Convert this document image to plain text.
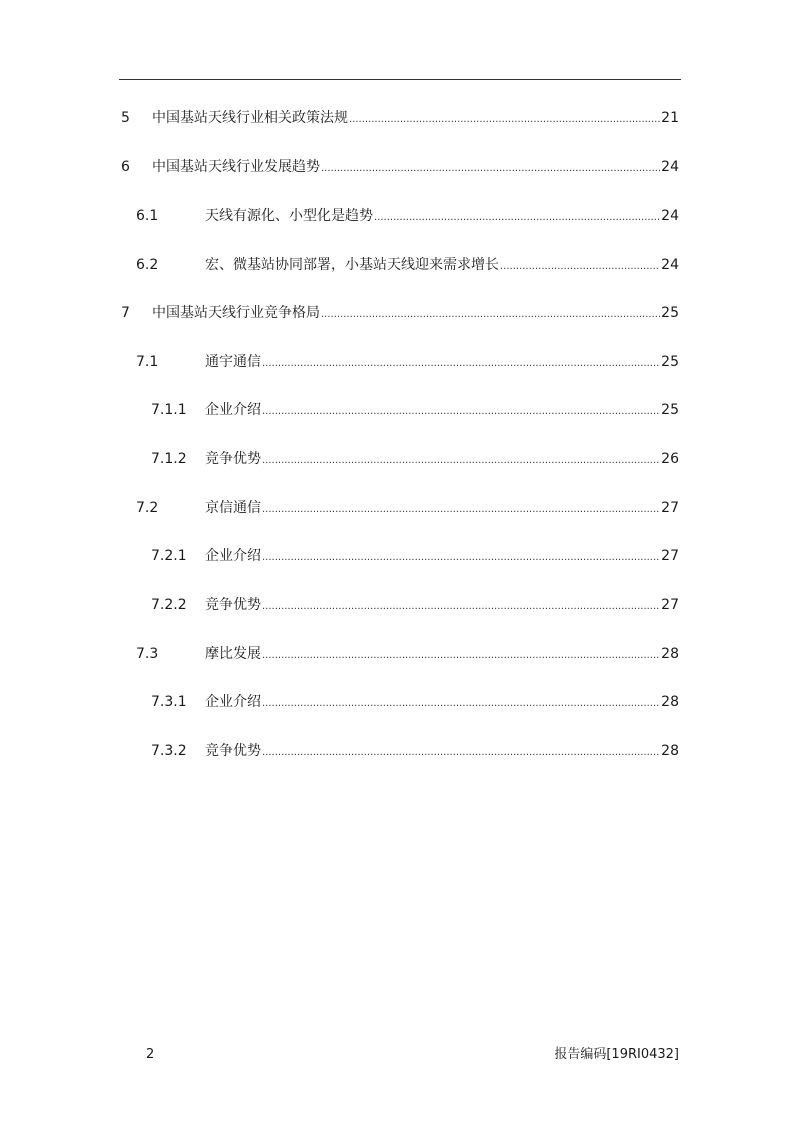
5 中国基站天线行业相关政策法规 .....	21
6 中国基站天线行业发展趋势 .....	24
6.1	天线有源化、小型化是趋势 .....	24
6.2	宏、微基站协同部署，小基站天线迎来需求增长 .....	24
7 中国基站天线行业竞争格局 .....	25
7.1	通宇通信 .....	25
7.1.1 企业介绍 .....	25
7.1.2 竞争优势 .....	26
7.2	京信通信 .....	27
7.2.1 企业介绍 .....	27
7.2.2 竞争优势 .....	27
7.3	摩比发展 .....	28
7.3.1 企业介绍 .....	28
7.3.2 竞争优势 .....	28
2	报告编码[19RI0432]
